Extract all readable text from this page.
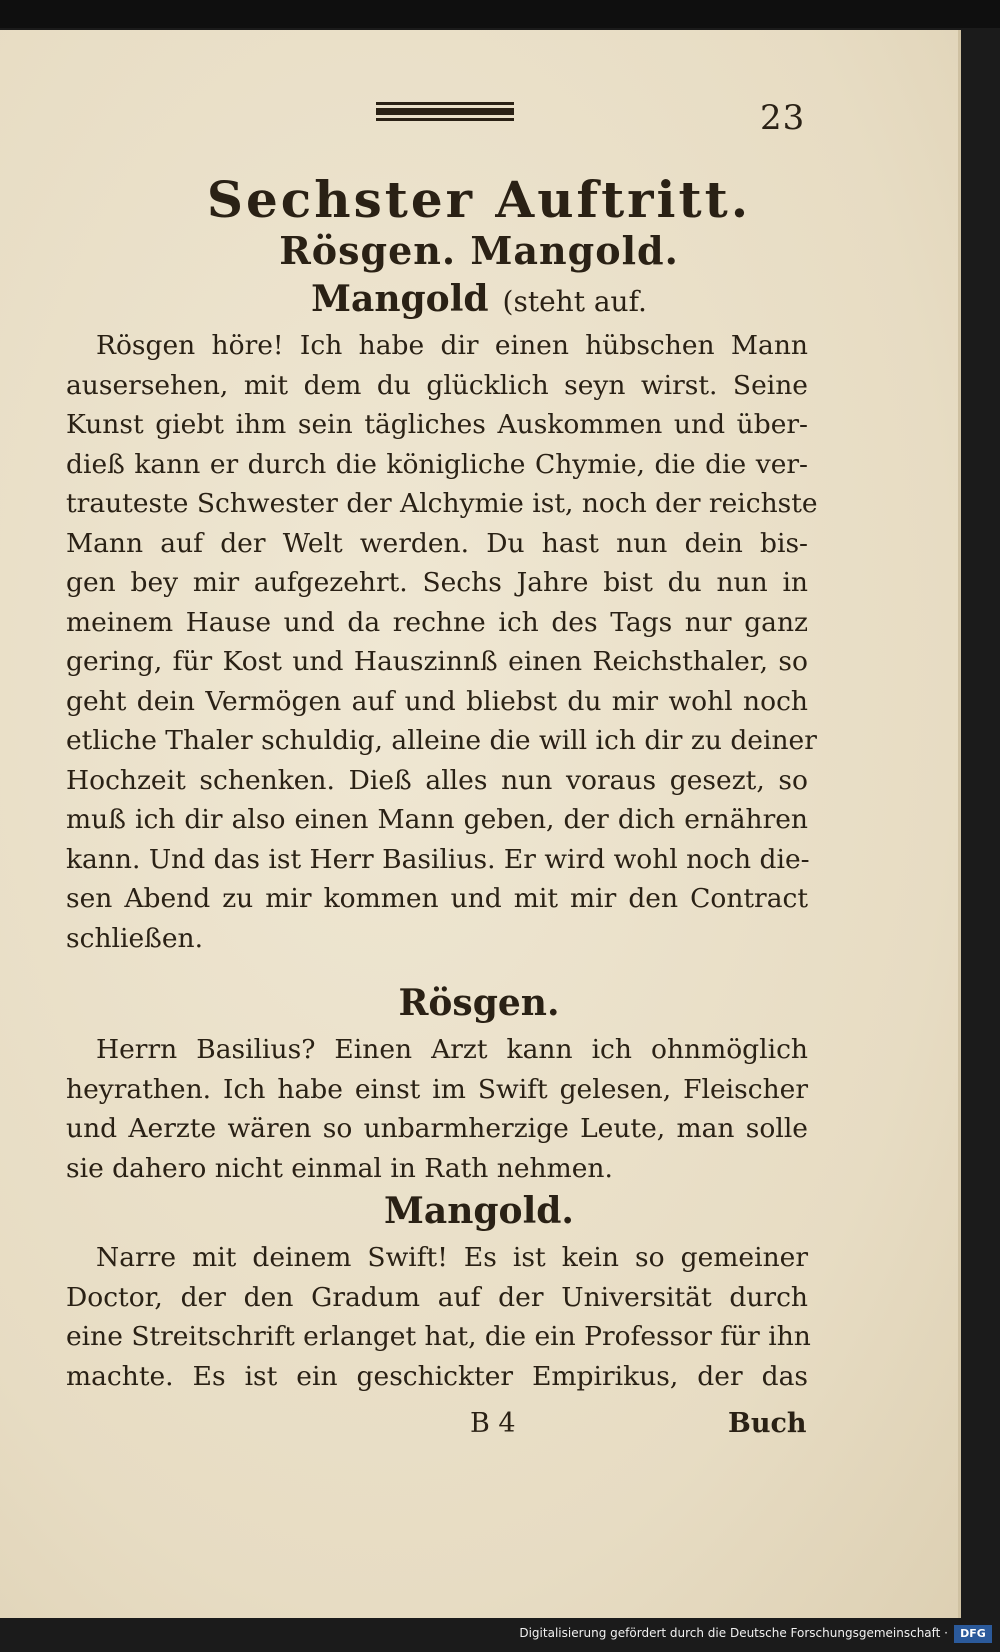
23
Sechster Auftritt.
Rösgen. Mangold.
Mangold (steht auf.
Rösgen höre! Ich habe dir einen hübschen Mann
ausersehen, mit dem du glücklich seyn wirst. Seine
Kunst giebt ihm sein tägliches Auskommen und über-
dieß kann er durch die königliche Chymie, die die ver-
trauteste Schwester der Alchymie ist, noch der reichste
Mann auf der Welt werden. Du hast nun dein bis-
gen bey mir aufgezehrt. Sechs Jahre bist du nun in
meinem Hause und da rechne ich des Tags nur ganz
gering, für Kost und Hauszinnß einen Reichsthaler, so
geht dein Vermögen auf und bliebst du mir wohl noch
etliche Thaler schuldig, alleine die will ich dir zu deiner
Hochzeit schenken. Dieß alles nun voraus gesezt, so
muß ich dir also einen Mann geben, der dich ernähren
kann. Und das ist Herr Basilius. Er wird wohl noch die-
sen Abend zu mir kommen und mit mir den Contract
schließen.
Rösgen.
Herrn Basilius? Einen Arzt kann ich ohnmöglich
heyrathen. Ich habe einst im Swift gelesen, Fleischer
und Aerzte wären so unbarmherzige Leute, man solle
sie dahero nicht einmal in Rath nehmen.
Mangold.
Narre mit deinem Swift! Es ist kein so gemeiner
Doctor, der den Gradum auf der Universität durch
eine Streitschrift erlanget hat, die ein Professor für ihn
machte. Es ist ein geschickter Empirikus, der das
B 4	Buch
Digitalisierung gefördert durch die Deutsche Forschungsgemeinschaft ·	DFG
